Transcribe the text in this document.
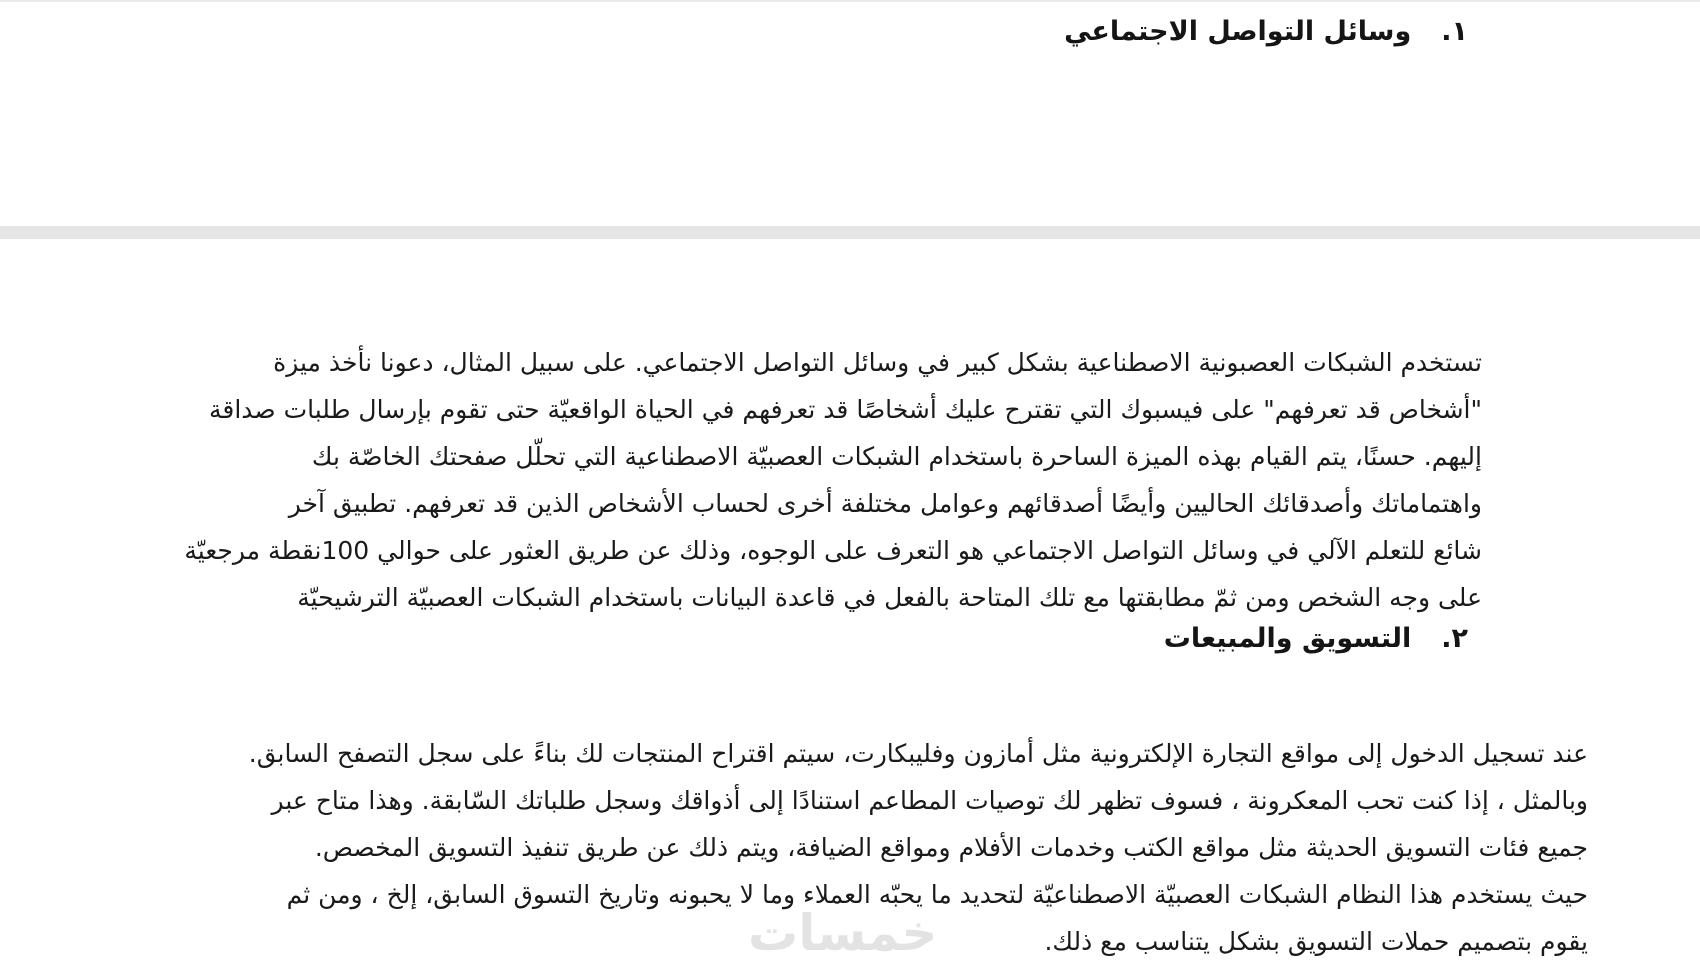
١.وسائل التواصل الاجتماعي
تستخدم الشبكات العصبونية الاصطناعية بشكل كبير في وسائل التواصل الاجتماعي. على سبيل المثال، دعونا نأخذ ميزة
"أشخاص قد تعرفهم" على فيسبوك التي تقترح عليك أشخاصًا قد تعرفهم في الحياة الواقعيّة حتى تقوم بإرسال طلبات صداقة
إليهم. حسنًا، يتم القيام بهذه الميزة الساحرة باستخدام الشبكات العصبيّة الاصطناعية التي تحلّل صفحتك الخاصّة بك
واهتماماتك وأصدقائك الحاليين وأيضًا أصدقائهم وعوامل مختلفة أخرى لحساب الأشخاص الذين قد تعرفهم. تطبيق آخر
شائع للتعلم الآلي في وسائل التواصل الاجتماعي هو التعرف على الوجوه، وذلك عن طريق العثور على حوالي 100نقطة مرجعيّة
على وجه الشخص ومن ثمّ مطابقتها مع تلك المتاحة بالفعل في قاعدة البيانات باستخدام الشبكات العصبيّة الترشيحيّة
٢.التسويق والمبيعات
عند تسجيل الدخول إلى مواقع التجارة الإلكترونية مثل أمازون وفليبكارت، سيتم اقتراح المنتجات لك بناءً على سجل التصفح السابق.
وبالمثل ، إذا كنت تحب المعكرونة ، فسوف تظهر لك توصيات المطاعم استنادًا إلى أذواقك وسجل طلباتك السّابقة. وهذا متاح عبر
جميع فئات التسويق الحديثة مثل مواقع الكتب وخدمات الأفلام ومواقع الضيافة، ويتم ذلك عن طريق تنفيذ التسويق المخصص.
حيث يستخدم هذا النظام الشبكات العصبيّة الاصطناعيّة لتحديد ما يحبّه العملاء وما لا يحبونه وتاريخ التسوق السابق، إلخ ، ومن ثم
يقوم بتصميم حملات التسويق بشكل يتناسب مع ذلك.
خمسات
